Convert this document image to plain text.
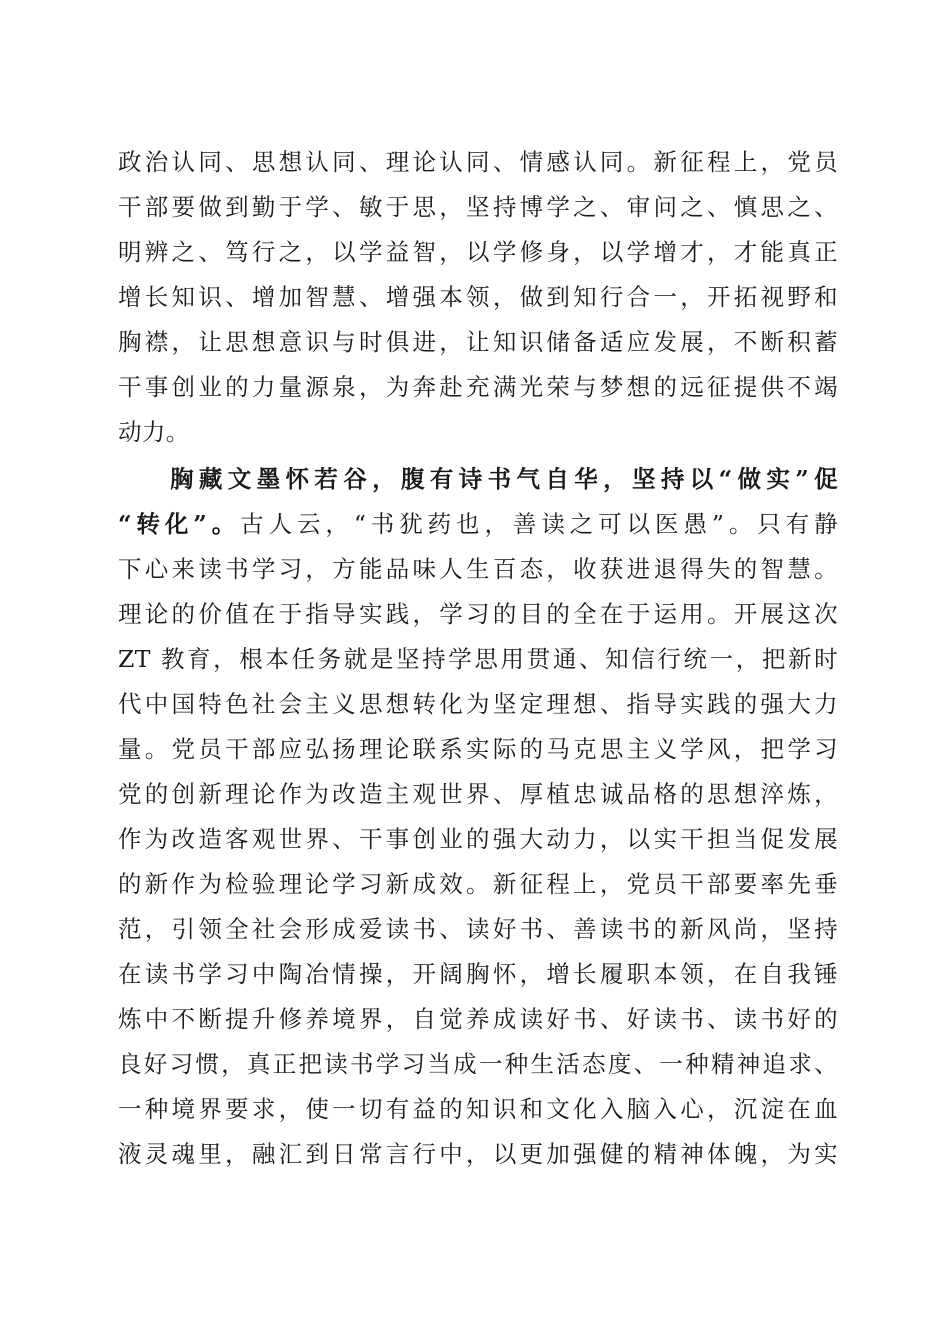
政治认同、思想认同、理论认同、情感认同。新征程上，党员
干部要做到勤于学、敏于思，坚持博学之、审问之、慎思之、
明辨之、笃行之，以学益智，以学修身，以学增才，才能真正
增长知识、增加智慧、增强本领，做到知行合一，开拓视野和
胸襟，让思想意识与时俱进，让知识储备适应发展，不断积蓄
干事创业的力量源泉，为奔赴充满光荣与梦想的远征提供不竭
动力。
胸藏文墨怀若谷，腹有诗书气自华，坚持以“做实”促
“转化”。古人云，“书犹药也，善读之可以医愚”。只有静
下心来读书学习，方能品味人生百态，收获进退得失的智慧。
理论的价值在于指导实践，学习的目的全在于运用。开展这次
ZT 教育，根本任务就是坚持学思用贯通、知信行统一，把新时
代中国特色社会主义思想转化为坚定理想、指导实践的强大力
量。党员干部应弘扬理论联系实际的马克思主义学风，把学习
党的创新理论作为改造主观世界、厚植忠诚品格的思想淬炼，
作为改造客观世界、干事创业的强大动力，以实干担当促发展
的新作为检验理论学习新成效。新征程上，党员干部要率先垂
范，引领全社会形成爱读书、读好书、善读书的新风尚，坚持
在读书学习中陶冶情操，开阔胸怀，增长履职本领，在自我锤
炼中不断提升修养境界，自觉养成读好书、好读书、读书好的
良好习惯，真正把读书学习当成一种生活态度、一种精神追求、
一种境界要求，使一切有益的知识和文化入脑入心，沉淀在血
液灵魂里，融汇到日常言行中，以更加强健的精神体魄，为实
